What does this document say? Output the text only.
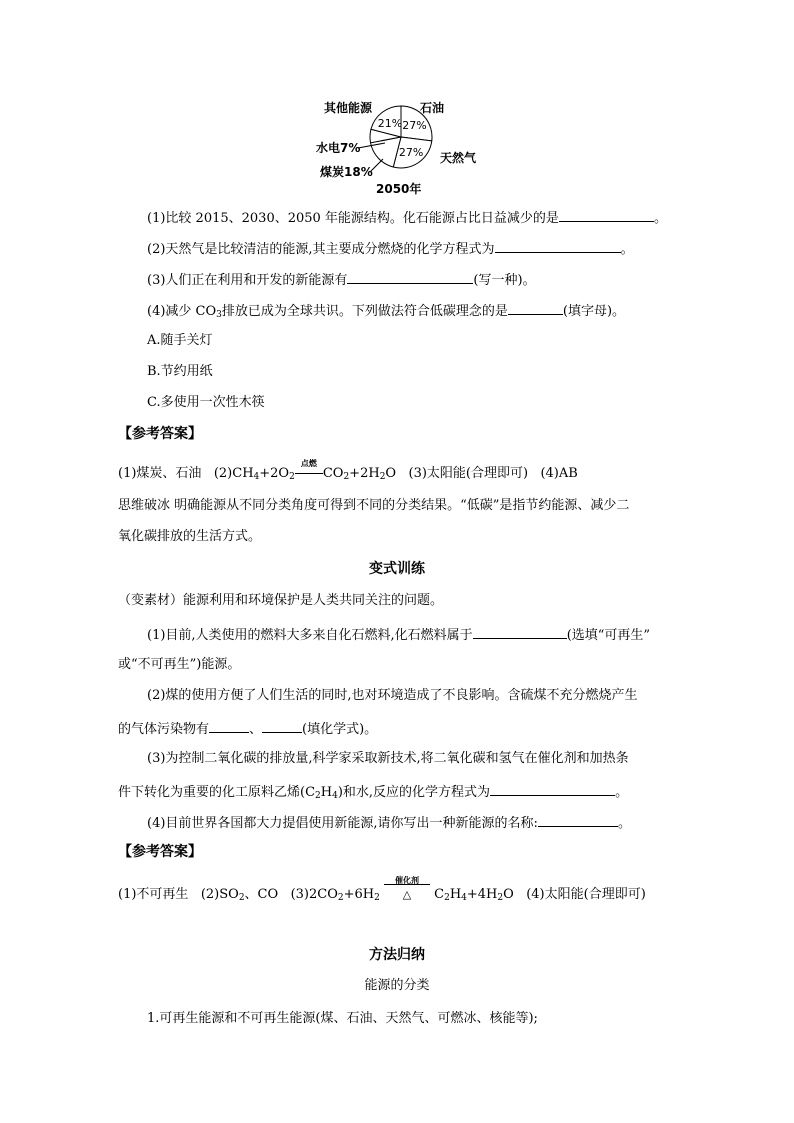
27%
27%
21%
其他能源	石油
天然气
水电7%
煤炭18%
2050年
(1)比较 2015、2030、2050 年能源结构。化石能源占比日益减少的是	。
(2)天然气是比较清洁的能源,其主要成分燃烧的化学方程式为	。
(3)人们正在利用和开发的新能源有	(写一种)。
(4)减少 $CO_3$排放已成为全球共识。下列做法符合低碳理念的是	(填字母)。
A.随手关灯
B.节约用纸
C.多使用一次性木筷
【参考答案】
(1)煤炭、石油 $(2)CH_4+2O_2$
点燃
$CO_2+2H_2O$ (3)太阳能(合理即可) (4)AB
思维破冰 明确能源从不同分类角度可得到不同的分类结果。“低碳”是指节约能源、减少二
氧化碳排放的生活方式。
变式训练
（变素材）能源利用和环境保护是人类共同关注的问题。
(1)目前,人类使用的燃料大多来自化石燃料,化石燃料属于	(选填“可再生”
或“不可再生”)能源。
(2)煤的使用方便了人们生活的同时,也对环境造成了不良影响。含硫煤不充分燃烧产生
的气体污染物有	、	(填化学式)。
(3)为控制二氧化碳的排放量,科学家采取新技术,将二氧化碳和氢气在催化剂和加热条
件下转化为重要的化工原料乙烯$(C_2H_4)$和水,反应的化学方程式为	。
(4)目前世界各国都大力提倡使用新能源,请你写出一种新能源的名称:	。
【参考答案】
(1)不可再生 $(2)SO_2$、CO $(3)2CO_2+6H_2$
催化剂
△ $C_2H_4+4H_2O$ (4)太阳能(合理即可)
方法归纳
能源的分类
1.可再生能源和不可再生能源(煤、石油、天然气、可燃冰、核能等);
